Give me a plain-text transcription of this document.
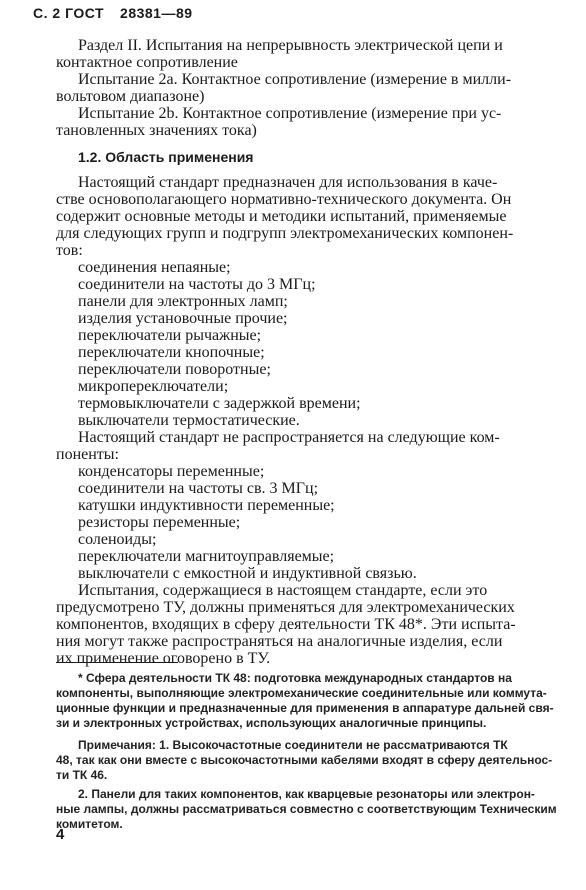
С. 2 ГОСТ 28381—89
Раздел II. Испытания на непрерывность электрической цепи и
контактное сопротивление
Испытание 2а. Контактное сопротивление (измерение в милли-
вольтовом диапазоне)
Испытание 2b. Контактное сопротивление (измерение при ус-
тановленных значениях тока)
1.2. Область применения
Настоящий стандарт предназначен для использования в каче-
стве основополагающего нормативно-технического документа. Он
содержит основные методы и методики испытаний, применяемые
для следующих групп и подгрупп электромеханических компонен-
тов:
соединения непаяные;
соединители на частоты до 3 МГц;
панели для электронных ламп;
изделия установочные прочие;
переключатели рычажные;
переключатели кнопочные;
переключатели поворотные;
микропереключатели;
термовыключатели с задержкой времени;
выключатели термостатические.
Настоящий стандарт не распространяется на следующие ком-
поненты:
конденсаторы переменные;
соединители на частоты св. 3 МГц;
катушки индуктивности переменные;
резисторы переменные;
соленоиды;
переключатели магнитоуправляемые;
выключатели с емкостной и индуктивной связью.
Испытания, содержащиеся в настоящем стандарте, если это
предусмотрено ТУ, должны применяться для электромеханических
компонентов, входящих в сферу деятельности ТК 48*. Эти испыта-
ния могут также распространяться на аналогичные изделия, если
их применение оговорено в ТУ.
* Сфера деятельности ТК 48: подготовка международных стандартов на
компоненты, выполняющие электромеханические соединительные или коммута-
ционные функции и предназначенные для применения в аппаратуре дальней свя-
зи и электронных устройствах, использующих аналогичные принципы.
Примечания: 1. Высокочастотные соединители не рассматриваются ТК
48, так как они вместе с высокочастотными кабелями входят в сферу деятельнос-
ти ТК 46.
2. Панели для таких компонентов, как кварцевые резонаторы или электрон-
ные лампы, должны рассматриваться совместно с соответствующим Техническим
комитетом.
4
